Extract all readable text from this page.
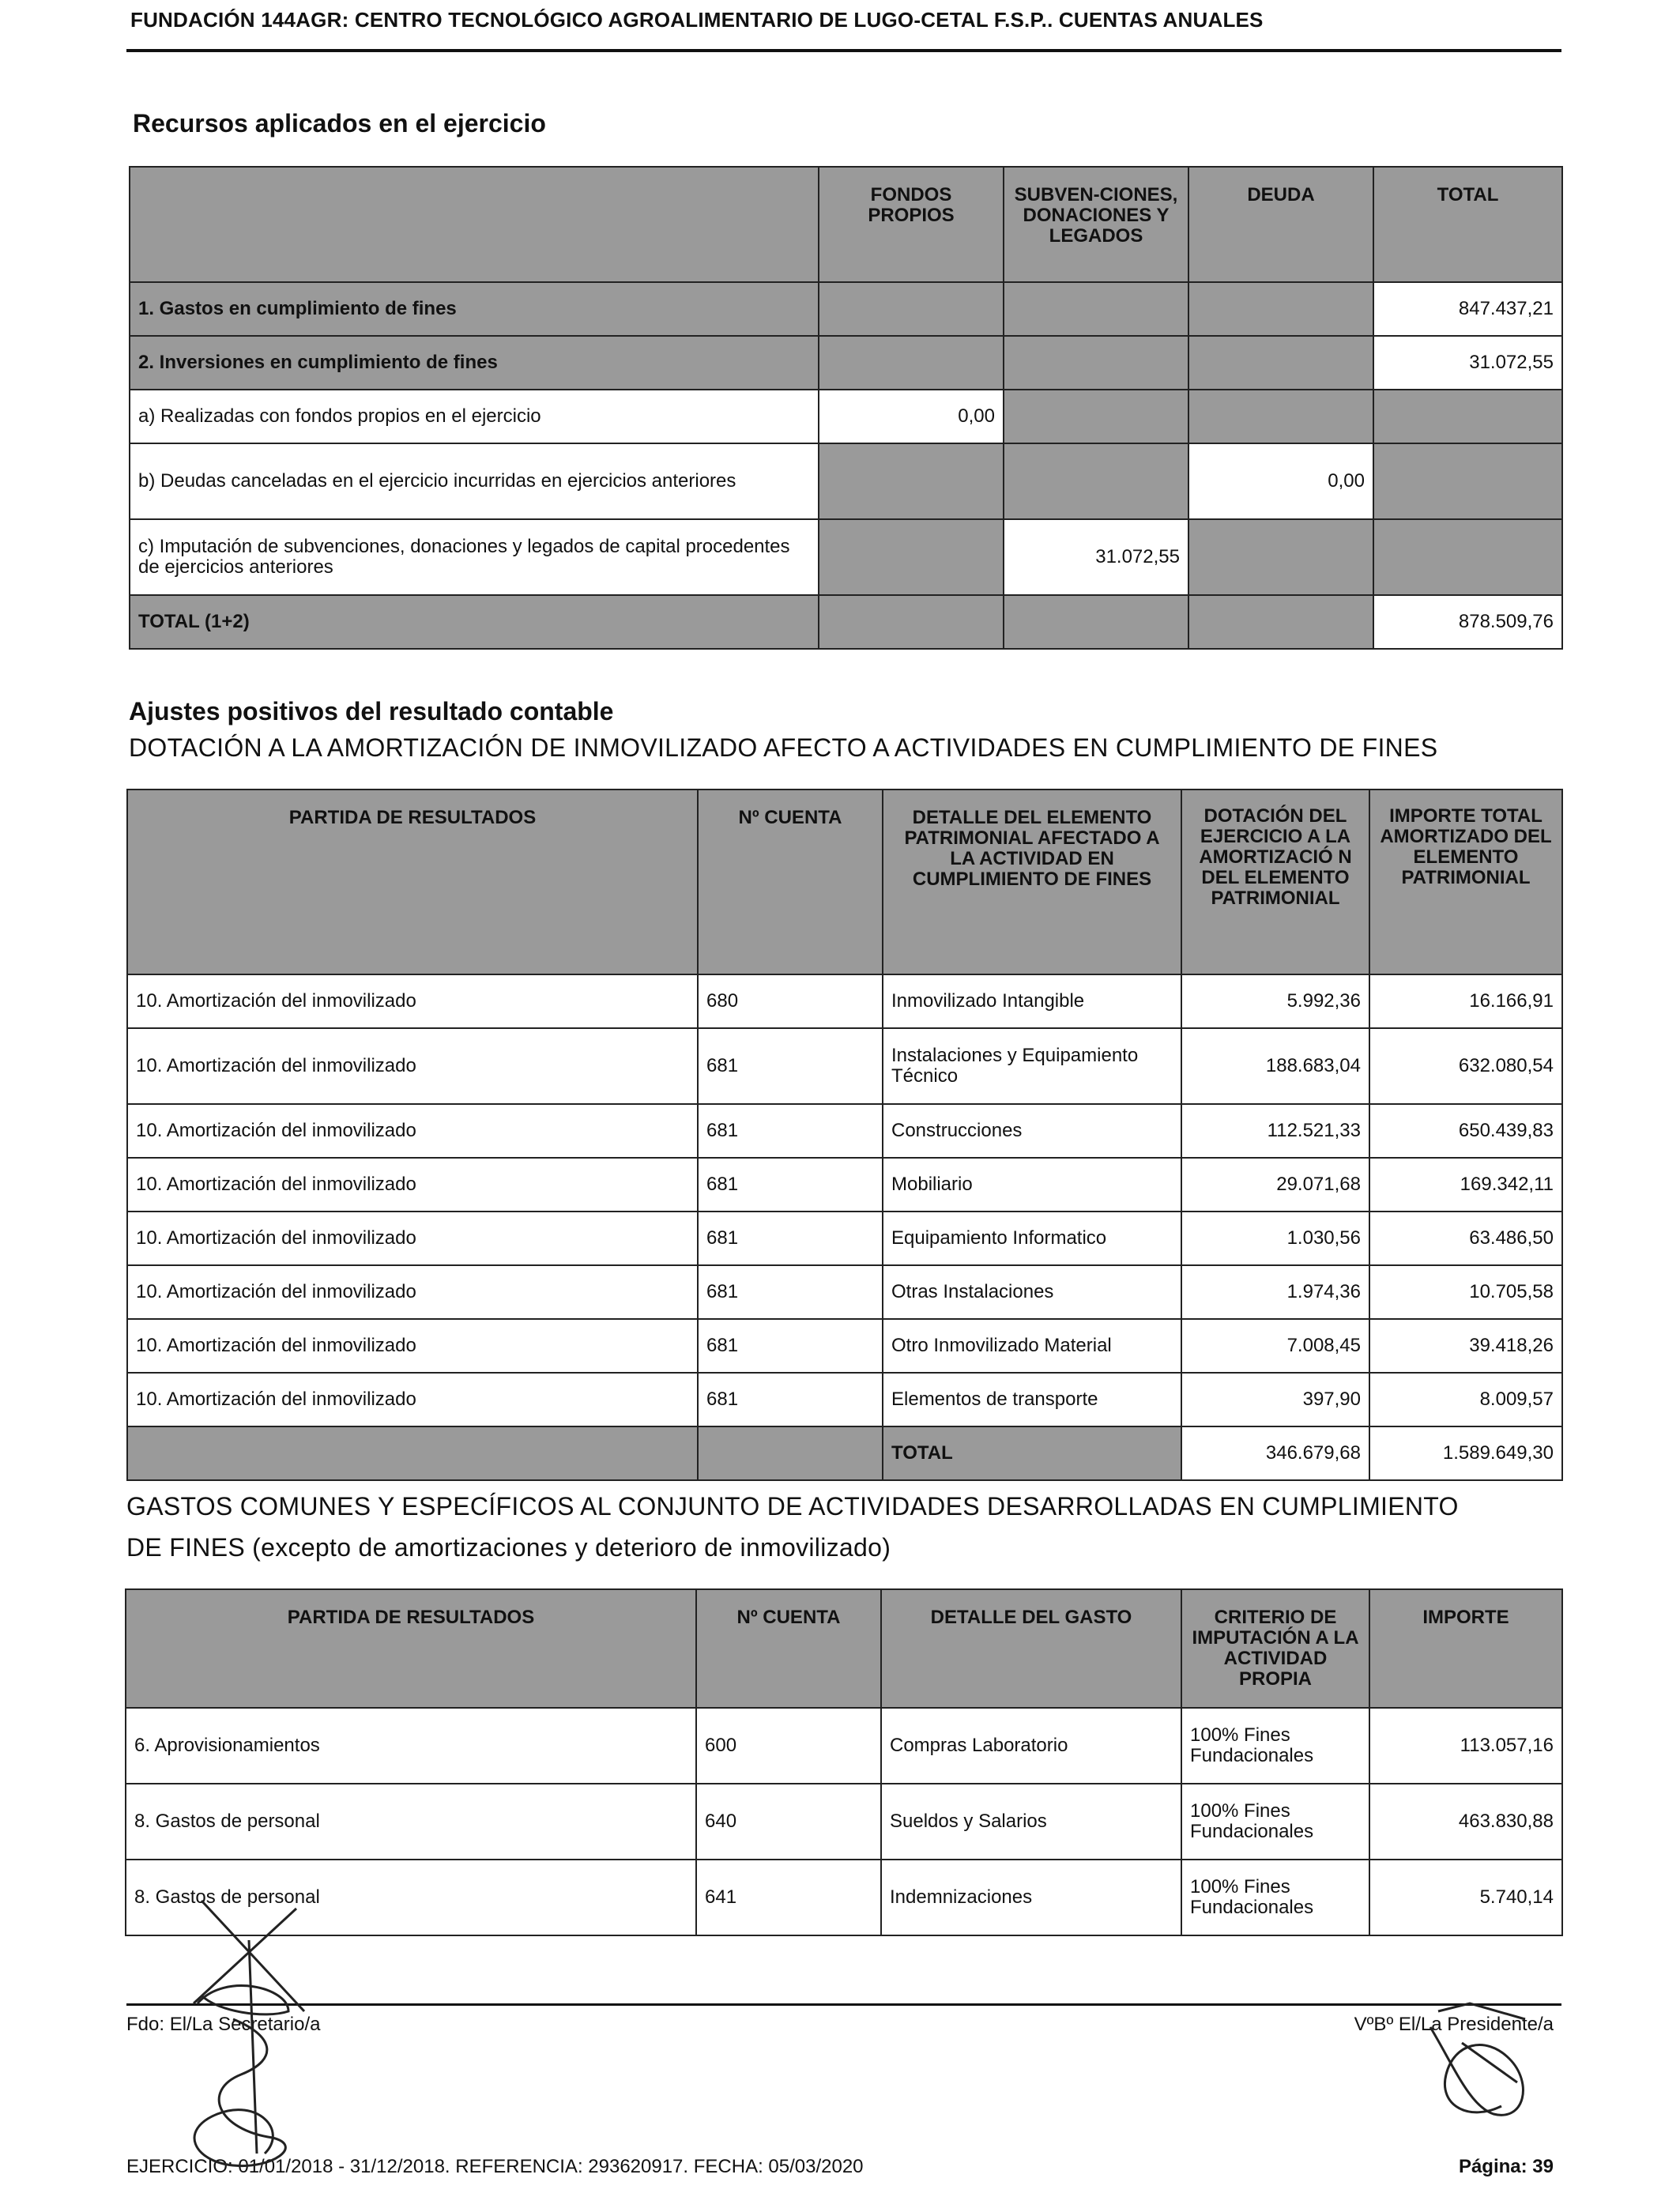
FUNDACIÓN 144AGR: CENTRO TECNOLÓGICO AGROALIMENTARIO DE LUGO-CETAL F.S.P.. CUENTAS ANUALES
Recursos aplicados en el ejercicio
	FONDOS PROPIOS	SUBVEN-CIONES, DONACIONES Y LEGADOS	DEUDA	TOTAL
1. Gastos en cumplimiento de fines				847.437,21
2. Inversiones en cumplimiento de fines				31.072,55
a) Realizadas con fondos propios en el ejercicio	0,00			
b) Deudas canceladas en el ejercicio incurridas en ejercicios anteriores			0,00	
c) Imputación de subvenciones, donaciones y legados de capital procedentes de ejercicios anteriores		31.072,55		
TOTAL (1+2)				878.509,76
Ajustes positivos del resultado contable
DOTACIÓN A LA AMORTIZACIÓN DE INMOVILIZADO AFECTO A ACTIVIDADES EN CUMPLIMIENTO DE FINES
PARTIDA DE RESULTADOS	Nº CUENTA	DETALLE DEL ELEMENTO PATRIMONIAL AFECTADO A LA ACTIVIDAD EN CUMPLIMIENTO DE FINES	DOTACIÓN DEL EJERCICIO A LA AMORTIZACIÓ N DEL ELEMENTO PATRIMONIAL	IMPORTE TOTAL AMORTIZADO DEL ELEMENTO PATRIMONIAL
10. Amortización del inmovilizado	680	Inmovilizado Intangible	5.992,36	16.166,91
10. Amortización del inmovilizado	681	Instalaciones y Equipamiento Técnico	188.683,04	632.080,54
10. Amortización del inmovilizado	681	Construcciones	112.521,33	650.439,83
10. Amortización del inmovilizado	681	Mobiliario	29.071,68	169.342,11
10. Amortización del inmovilizado	681	Equipamiento Informatico	1.030,56	63.486,50
10. Amortización del inmovilizado	681	Otras Instalaciones	1.974,36	10.705,58
10. Amortización del inmovilizado	681	Otro Inmovilizado Material	7.008,45	39.418,26
10. Amortización del inmovilizado	681	Elementos de transporte	397,90	8.009,57
		TOTAL	346.679,68	1.589.649,30
GASTOS COMUNES Y ESPECÍFICOS AL CONJUNTO DE ACTIVIDADES DESARROLLADAS EN CUMPLIMIENTO
DE FINES (excepto de amortizaciones y deterioro de inmovilizado)
PARTIDA DE RESULTADOS	Nº CUENTA	DETALLE DEL GASTO	CRITERIO DE IMPUTACIÓN A LA ACTIVIDAD PROPIA	IMPORTE
6. Aprovisionamientos	600	Compras Laboratorio	100% Fines Fundacionales	113.057,16
8. Gastos de personal	640	Sueldos y Salarios	100% Fines Fundacionales	463.830,88
8. Gastos de personal	641	Indemnizaciones	100% Fines Fundacionales	5.740,14
Fdo: El/La Secretario/a	VºBº El/La Presidente/a
EJERCICIO: 01/01/2018 - 31/12/2018. REFERENCIA: 293620917. FECHA: 05/03/2020	Página: 39
